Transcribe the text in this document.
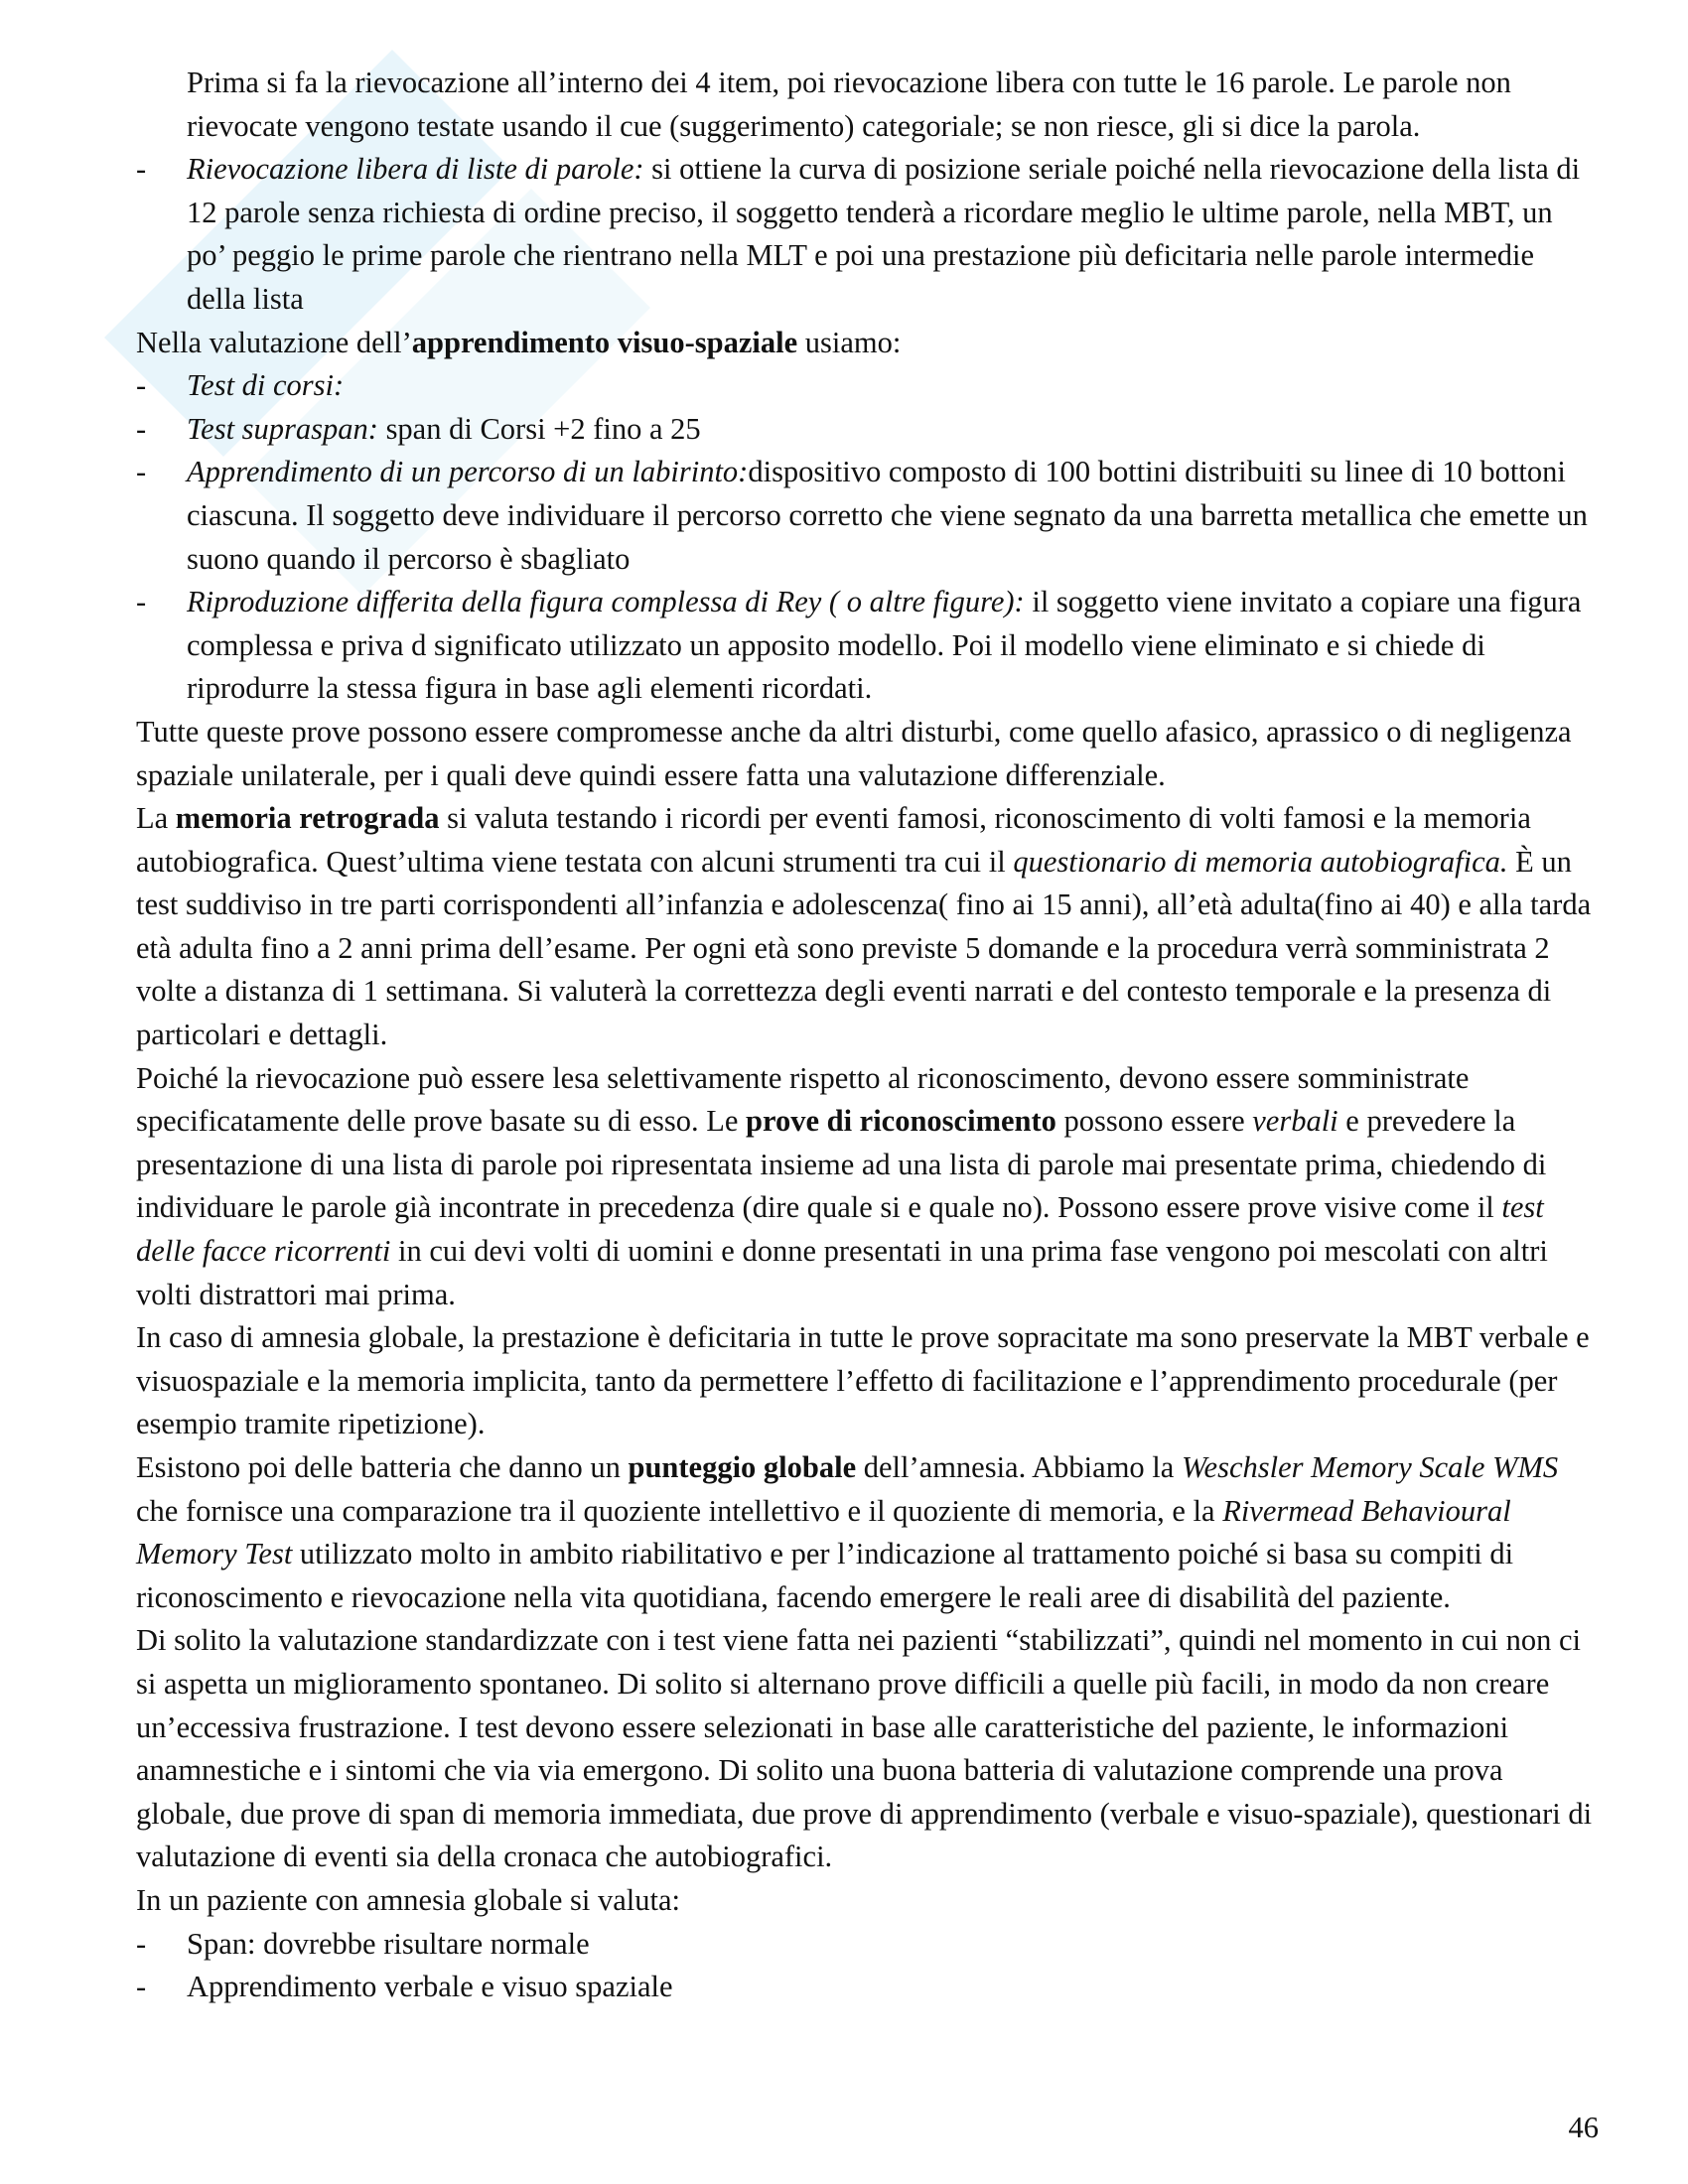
Prima si fa la rievocazione all’interno dei 4 item, poi rievocazione libera con tutte le 16 parole. Le parole non rievocate vengono testate usando il cue (suggerimento) categoriale; se non riesce, gli si dice la parola.

- Rievocazione libera di liste di parole: si ottiene la curva di posizione seriale poiché nella rievocazione della lista di 12 parole senza richiesta di ordine preciso, il soggetto tenderà a ricordare meglio le ultime parole, nella MBT, un po’ peggio le prime parole che rientrano nella MLT e poi una prestazione più deficitaria nelle parole intermedie della lista

Nella valutazione dell’apprendimento visuo-spaziale usiamo:

- Test di corsi:

- Test supraspan: span di Corsi +2 fino a 25

- Apprendimento di un percorso di un labirinto:dispositivo composto di 100 bottini distribuiti su linee di 10 bottoni ciascuna. Il soggetto deve individuare il percorso corretto che viene segnato da una barretta metallica che emette un suono quando il percorso è sbagliato

- Riproduzione differita della figura complessa di Rey ( o altre figure): il soggetto viene invitato a copiare una figura complessa e priva d significato utilizzato un apposito modello. Poi il modello viene eliminato e si chiede di riprodurre la stessa figura in base agli elementi ricordati.

Tutte queste prove possono essere compromesse anche da altri disturbi, come quello afasico, aprassico o di negligenza spaziale unilaterale, per i quali deve quindi essere fatta una valutazione differenziale.

La memoria retrograda si valuta testando i ricordi per eventi famosi, riconoscimento di volti famosi e la memoria autobiografica. Quest’ultima viene testata con alcuni strumenti tra cui il questionario di memoria autobiografica. È un test suddiviso in tre parti corrispondenti all’infanzia e adolescenza( fino ai 15 anni), all’età adulta(fino ai 40) e alla tarda età adulta fino a 2 anni prima dell’esame. Per ogni età sono previste 5 domande e la procedura verrà somministrata 2 volte a distanza di 1 settimana. Si valuterà la correttezza degli eventi narrati e del contesto temporale e la presenza di particolari e dettagli.

Poiché la rievocazione può essere lesa selettivamente rispetto al riconoscimento, devono essere somministrate specificatamente delle prove basate su di esso. Le prove di riconoscimento possono essere verbali e prevedere la presentazione di una lista di parole poi ripresentata insieme ad una lista di parole mai presentate prima, chiedendo di individuare le parole già incontrate in precedenza (dire quale si e quale no). Possono essere prove visive come il test delle facce ricorrenti in cui devi volti di uomini e donne presentati in una prima fase vengono poi mescolati con altri volti distrattori mai prima.

In caso di amnesia globale, la prestazione è deficitaria in tutte le prove sopracitate ma sono preservate la MBT verbale e visuospaziale e la memoria implicita, tanto da permettere l’effetto di facilitazione e l’apprendimento procedurale (per esempio tramite ripetizione).

Esistono poi delle batteria che danno un punteggio globale dell’amnesia. Abbiamo la Weschsler Memory Scale WMS che fornisce una comparazione tra il quoziente intellettivo e il quoziente di memoria, e la Rivermead Behavioural Memory Test utilizzato molto in ambito riabilitativo e per l’indicazione al trattamento poiché si basa su compiti di riconoscimento e rievocazione nella vita quotidiana, facendo emergere le reali aree di disabilità del paziente.

Di solito la valutazione standardizzate con i test viene fatta nei pazienti “stabilizzati”, quindi nel momento in cui non ci si aspetta un miglioramento spontaneo. Di solito si alternano prove difficili a quelle più facili, in modo da non creare un’eccessiva frustrazione. I test devono essere selezionati in base alle caratteristiche del paziente, le informazioni anamnestiche e i sintomi che via via emergono. Di solito una buona batteria di valutazione comprende una prova globale, due prove di span di memoria immediata, due prove di apprendimento (verbale e visuo-spaziale), questionari di valutazione di eventi sia della cronaca che autobiografici.

In un paziente con amnesia globale si valuta:

- Span: dovrebbe risultare normale

- Apprendimento verbale e visuo spaziale

46
